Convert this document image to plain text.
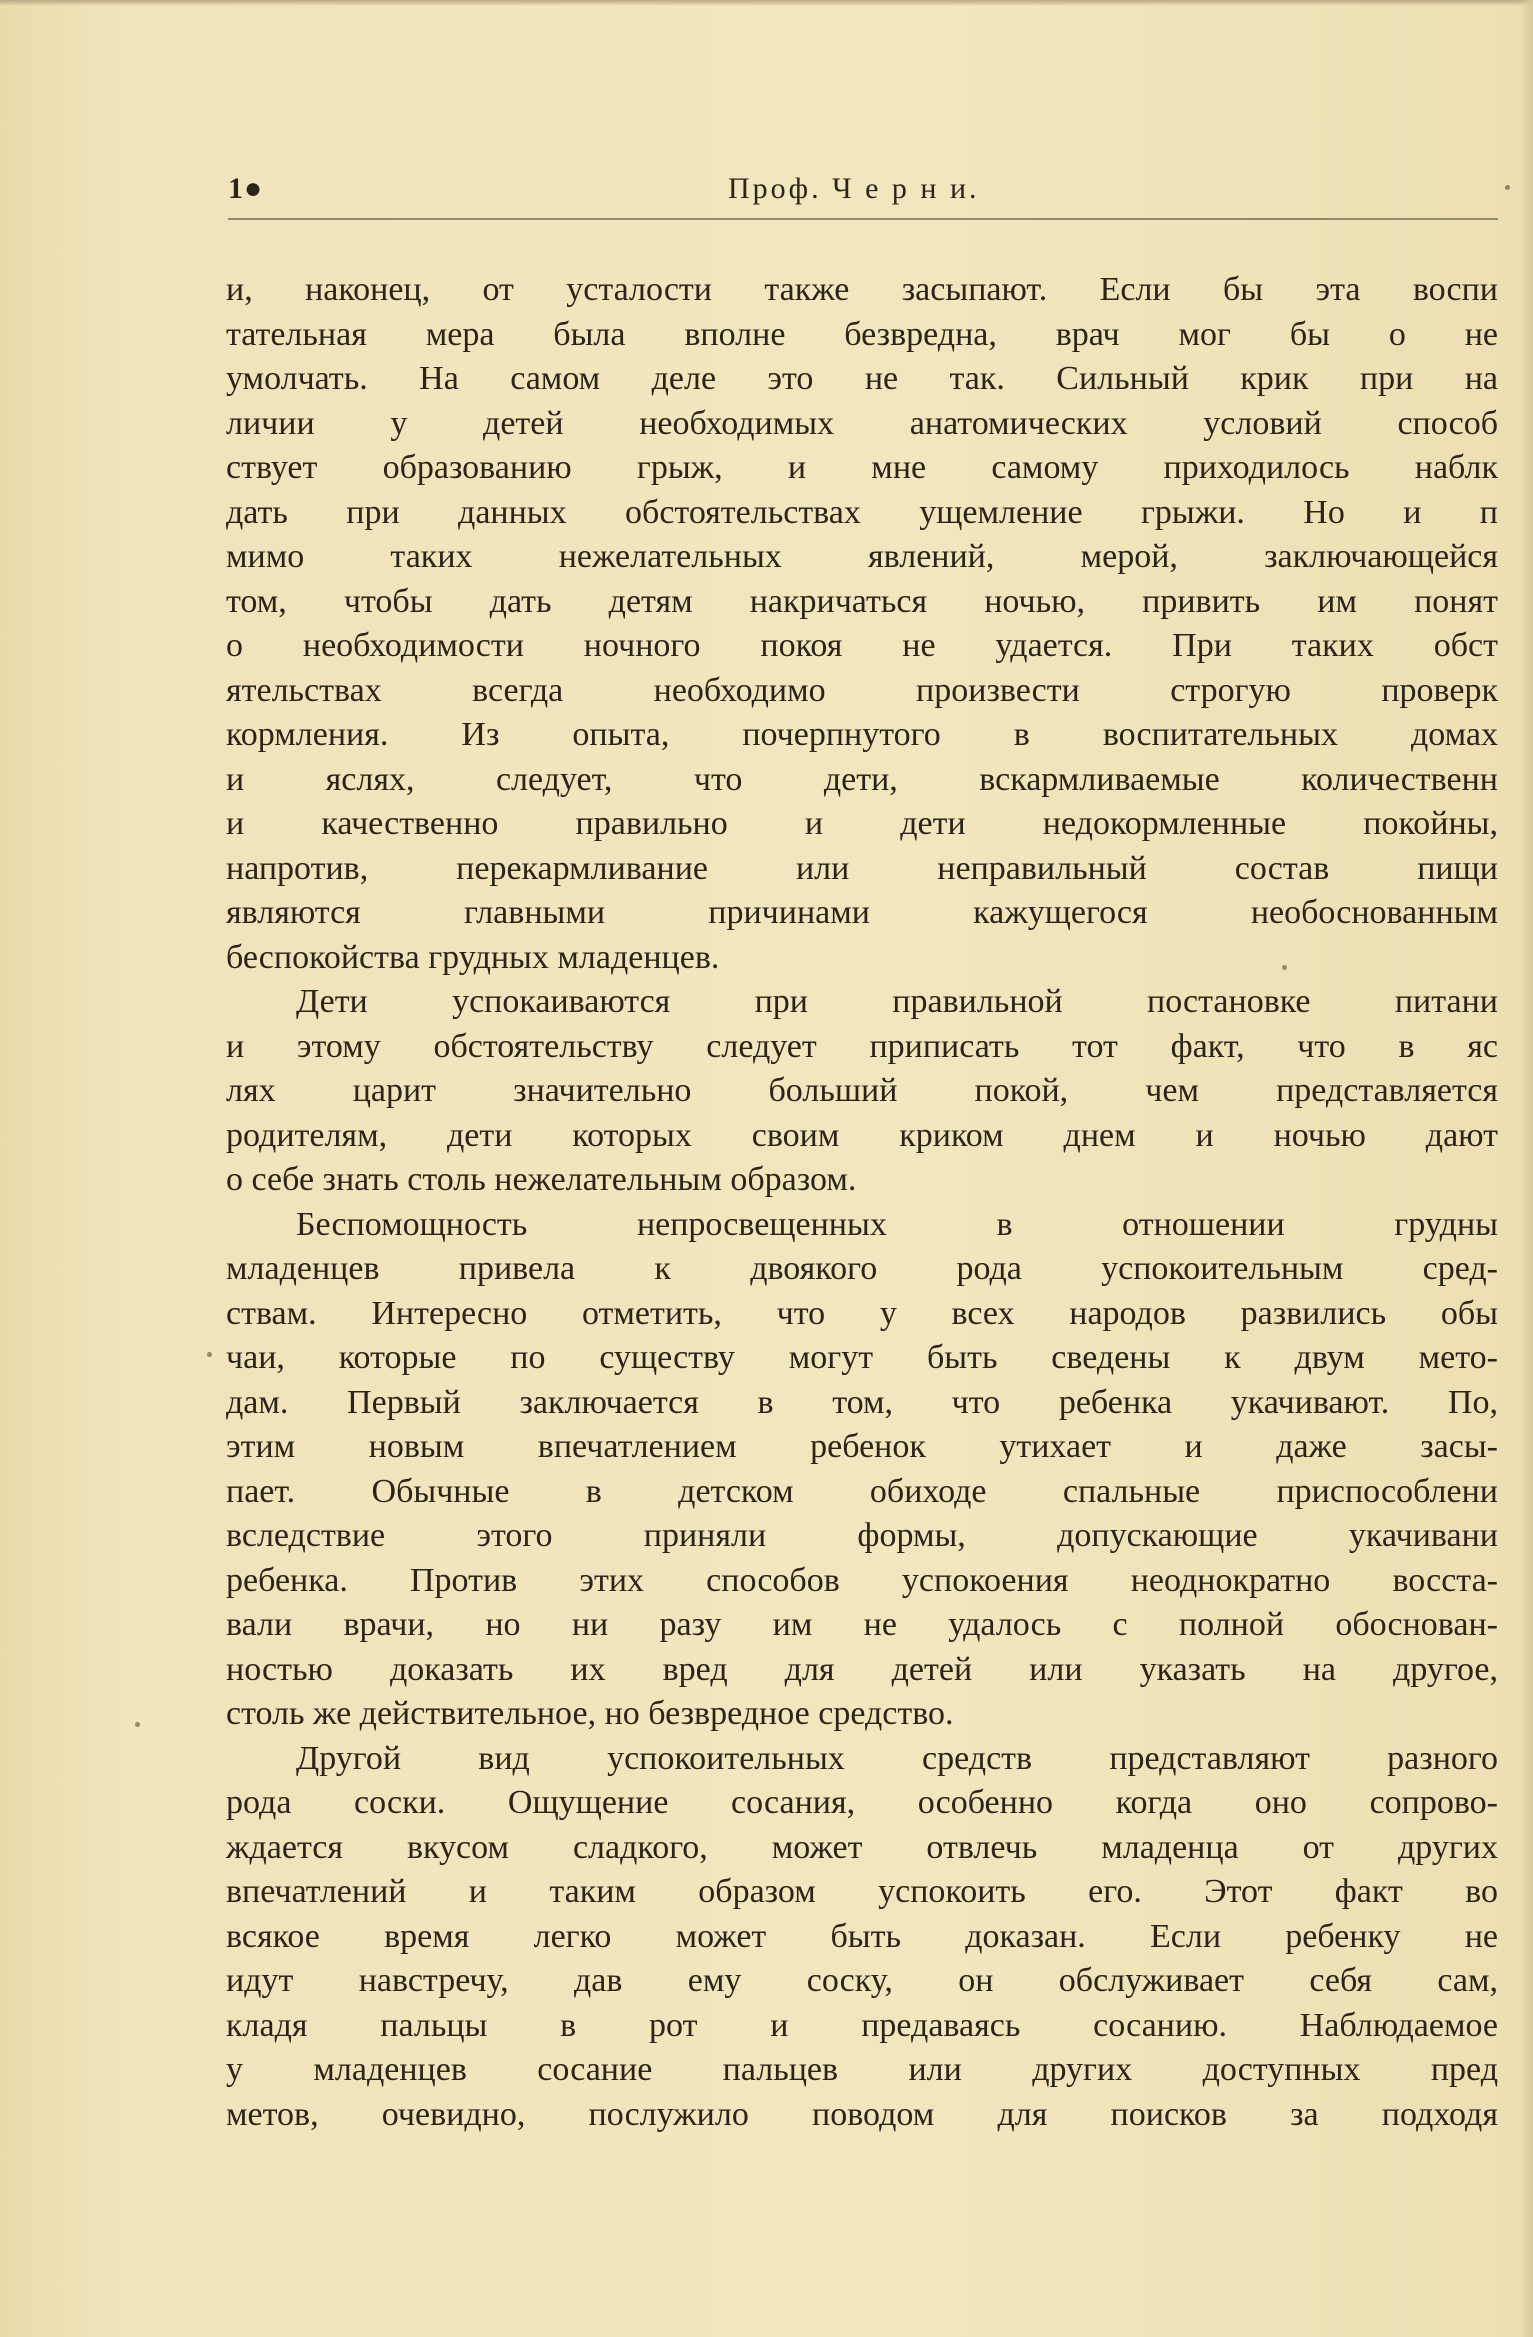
1●	Проф. Ч е р н и.
и, наконец, от усталости также засыпают. Если бы эта воспи
тательная мера была вполне безвредна, врач мог бы о не
умолчать. На самом деле это не так. Сильный крик при на
личии у детей необходимых анатомических условий способ
ствует образованию грыж, и мне самому приходилось наблк
дать при данных обстоятельствах ущемление грыжи. Но и п
мимо таких нежелательных явлений, мерой, заключающейся
том, чтобы дать детям накричаться ночью, привить им понят
о необходимости ночного покоя не удается. При таких обст
ятельствах всегда необходимо произвести строгую проверк
кормления. Из опыта, почерпнутого в воспитательных домах
и яслях, следует, что дети, вскармливаемые количественн
и качественно правильно и дети недокормленные покойны,
напротив, перекармливание или неправильный состав пищи
являются главными причинами кажущегося необоснованным
беспокойства грудных младенцев.
Дети успокаиваются при правильной постановке питани
и этому обстоятельству следует приписать тот факт, что в яс
лях царит значительно больший покой, чем представляется
родителям, дети которых своим криком днем и ночью дают
о себе знать столь нежелательным образом.
Беспомощность непросвещенных в отношении грудны
младенцев привела к двоякого рода успокоительным сред-
ствам. Интересно отметить, что у всех народов развились обы
чаи, которые по существу могут быть сведены к двум мето-
дам. Первый заключается в том, что ребенка укачивают. По,
этим новым впечатлением ребенок утихает и даже засы-
пает. Обычные в детском обиходе спальные приспособлени
вследствие этого приняли формы, допускающие укачивани
ребенка. Против этих способов успокоения неоднократно восста-
вали врачи, но ни разу им не удалось с полной обоснован-
ностью доказать их вред для детей или указать на другое,
столь же действительное, но безвредное средство.
Другой вид успокоительных средств представляют разного
рода соски. Ощущение сосания, особенно когда оно сопрово-
ждается вкусом сладкого, может отвлечь младенца от других
впечатлений и таким образом успокоить его. Этот факт во
всякое время легко может быть доказан. Если ребенку не
идут навстречу, дав ему соску, он обслуживает себя сам,
кладя пальцы в рот и предаваясь сосанию. Наблюдаемое
у младенцев сосание пальцев или других доступных пред
метов, очевидно, послужило поводом для поисков за подходя
